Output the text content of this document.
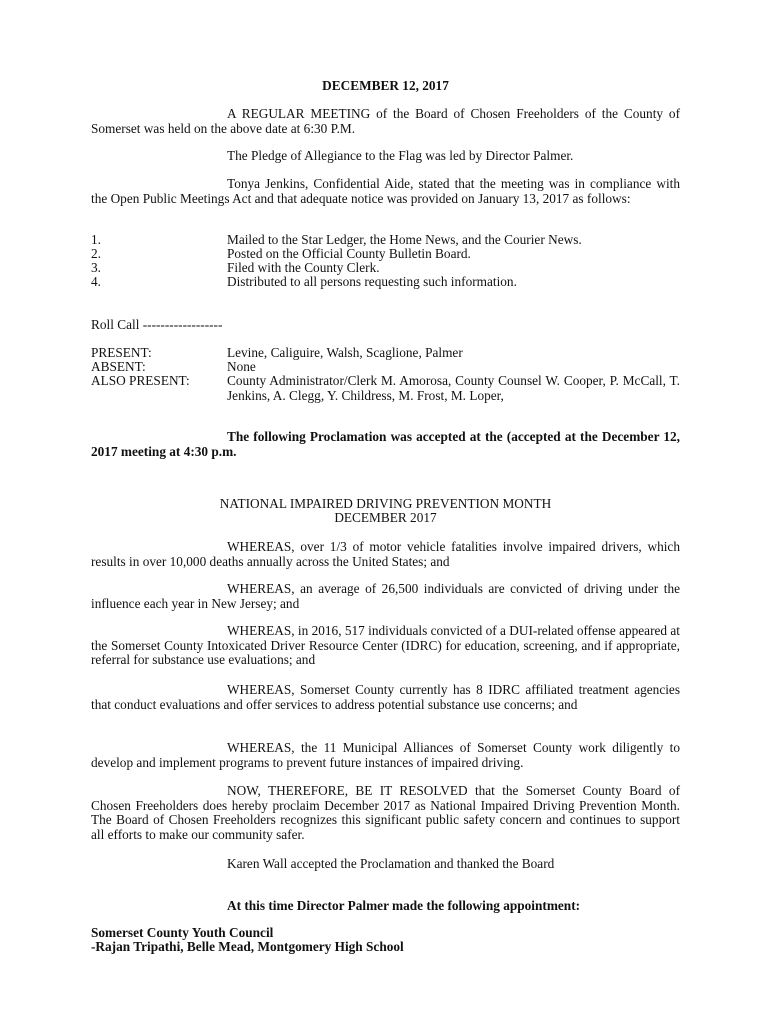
DECEMBER 12, 2017
A REGULAR MEETING of the Board of Chosen Freeholders of the County of Somerset was held on the above date at 6:30 P.M.
The Pledge of Allegiance to the Flag was led by Director Palmer.
Tonya Jenkins, Confidential Aide, stated that the meeting was in compliance with the Open Public Meetings Act and that adequate notice was provided on January 13, 2017 as follows:
1.	Mailed to the Star Ledger, the Home News, and the Courier News.
2.	Posted on the Official County Bulletin Board.
3.	Filed with the County Clerk.
4.	Distributed to all persons requesting such information.
Roll Call ------------------
PRESENT:	Levine, Caliguire, Walsh, Scaglione, Palmer
ABSENT:	None
ALSO PRESENT:	County Administrator/Clerk M. Amorosa, County Counsel W. Cooper, P. McCall, T. Jenkins, A. Clegg, Y. Childress, M. Frost, M. Loper,
The following Proclamation was accepted at the (accepted at the December 12, 2017 meeting at 4:30 p.m.
NATIONAL IMPAIRED DRIVING PREVENTION MONTH
DECEMBER 2017
WHEREAS, over 1/3 of motor vehicle fatalities involve impaired drivers, which results in over 10,000 deaths annually across the United States; and
WHEREAS, an average of 26,500 individuals are convicted of driving under the influence each year in New Jersey; and
WHEREAS, in 2016, 517 individuals convicted of a DUI-related offense appeared at the Somerset County Intoxicated Driver Resource Center (IDRC) for education, screening, and if appropriate, referral for substance use evaluations; and
WHEREAS, Somerset County currently has 8 IDRC affiliated treatment agencies that conduct evaluations and offer services to address potential substance use concerns; and
WHEREAS, the 11 Municipal Alliances of Somerset County work diligently to develop and implement programs to prevent future instances of impaired driving.
NOW, THEREFORE, BE IT RESOLVED that the Somerset County Board of Chosen Freeholders does hereby proclaim December 2017 as National Impaired Driving Prevention Month. The Board of Chosen Freeholders recognizes this significant public safety concern and continues to support all efforts to make our community safer.
Karen Wall accepted the Proclamation and thanked the Board
At this time Director Palmer made the following appointment:
Somerset County Youth Council
-Rajan Tripathi, Belle Mead, Montgomery High School
